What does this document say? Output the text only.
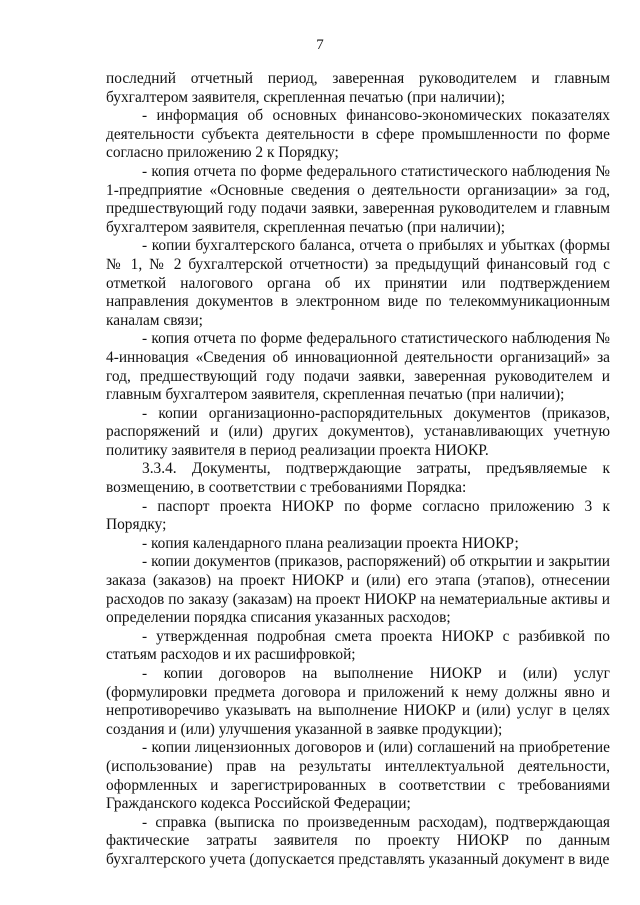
7

последний отчетный период, заверенная руководителем и главным бухгалтером заявителя, скрепленная печатью (при наличии);

- информация об основных финансово-экономических показателях деятельности субъекта деятельности в сфере промышленности по форме согласно приложению 2 к Порядку;

- копия отчета по форме федерального статистического наблюдения № 1-предприятие «Основные сведения о деятельности организации» за год, предшествующий году подачи заявки, заверенная руководителем и главным бухгалтером заявителя, скрепленная печатью (при наличии);

- копии бухгалтерского баланса, отчета о прибылях и убытках (формы № 1, № 2 бухгалтерской отчетности) за предыдущий финансовый год с отметкой налогового органа об их принятии или подтверждением направления документов в электронном виде по телекоммуникационным каналам связи;

- копия отчета по форме федерального статистического наблюдения № 4-инновация «Сведения об инновационной деятельности организаций» за год, предшествующий году подачи заявки, заверенная руководителем и главным бухгалтером заявителя, скрепленная печатью (при наличии);

- копии организационно-распорядительных документов (приказов, распоряжений и (или) других документов), устанавливающих учетную политику заявителя в период реализации проекта НИОКР.

3.3.4. Документы, подтверждающие затраты, предъявляемые к возмещению, в соответствии с требованиями Порядка:

- паспорт проекта НИОКР по форме согласно приложению 3 к Порядку;

- копия календарного плана реализации проекта НИОКР;

- копии документов (приказов, распоряжений) об открытии и закрытии заказа (заказов) на проект НИОКР и (или) его этапа (этапов), отнесении расходов по заказу (заказам) на проект НИОКР на нематериальные активы и определении порядка списания указанных расходов;

- утвержденная подробная смета проекта НИОКР с разбивкой по статьям расходов и их расшифровкой;

- копии договоров на выполнение НИОКР и (или) услуг (формулировки предмета договора и приложений к нему должны явно и непротиворечиво указывать на выполнение НИОКР и (или) услуг в целях создания и (или) улучшения указанной в заявке продукции);

- копии лицензионных договоров и (или) соглашений на приобретение (использование) прав на результаты интеллектуальной деятельности, оформленных и зарегистрированных в соответствии с требованиями Гражданского кодекса Российской Федерации;

- справка (выписка по произведенным расходам), подтверждающая фактические затраты заявителя по проекту НИОКР по данным бухгалтерского учета (допускается представлять указанный документ в виде
